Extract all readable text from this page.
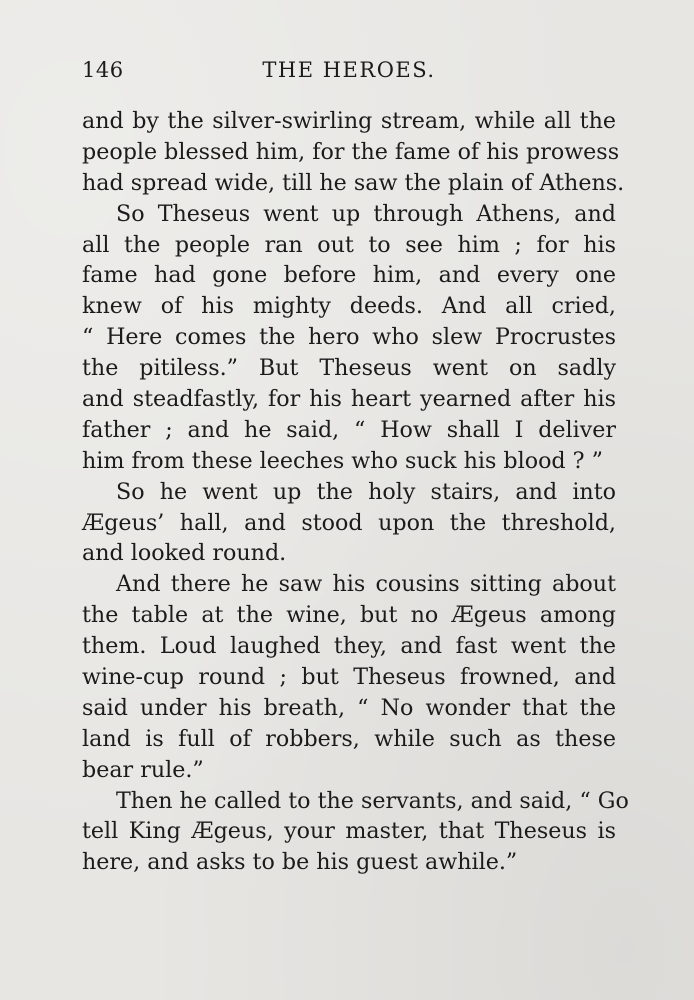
146	THE HEROES.
and by the silver-swirling stream, while all the
people blessed him, for the fame of his prowess
had spread wide, till he saw the plain of Athens.
So Theseus went up through Athens, and
all the people ran out to see him ; for his
fame had gone before him, and every one
knew of his mighty deeds. And all cried,
“ Here comes the hero who slew Procrustes
the pitiless.” But Theseus went on sadly
and steadfastly, for his heart yearned after his
father ; and he said, “ How shall I deliver
him from these leeches who suck his blood ? ”
So he went up the holy stairs, and into
Ægeus’ hall, and stood upon the threshold,
and looked round.
And there he saw his cousins sitting about
the table at the wine, but no Ægeus among
them. Loud laughed they, and fast went the
wine-cup round ; but Theseus frowned, and
said under his breath, “ No wonder that the
land is full of robbers, while such as these
bear rule.”
Then he called to the servants, and said, “ Go
tell King Ægeus, your master, that Theseus is
here, and asks to be his guest awhile.”
